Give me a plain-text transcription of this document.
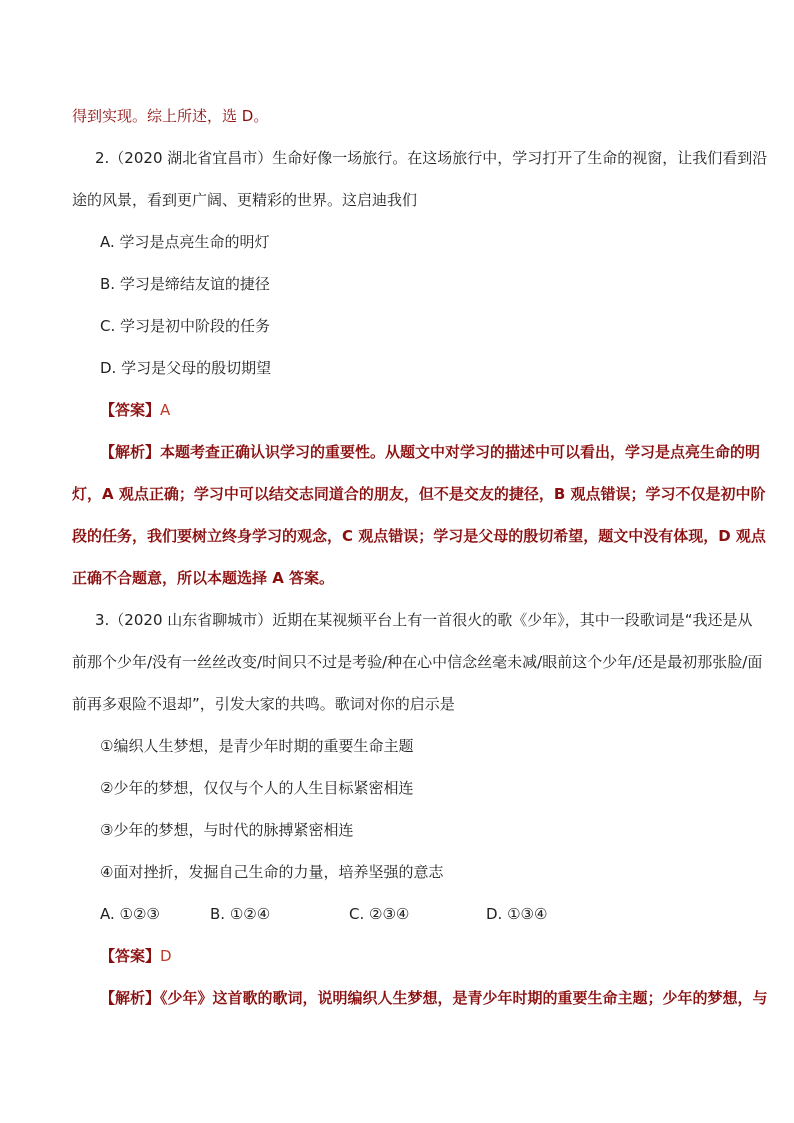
得到实现。综上所述，选 D。
2.（2020 湖北省宜昌市）生命好像一场旅行。在这场旅行中，学习打开了生命的视窗，让我们看到沿
途的风景，看到更广阔、更精彩的世界。这启迪我们
A. 学习是点亮生命的明灯
B. 学习是缔结友谊的捷径
C. 学习是初中阶段的任务
D. 学习是父母的殷切期望
【答案】A
【解析】本题考查正确认识学习的重要性。从题文中对学习的描述中可以看出，学习是点亮生命的明
灯，A 观点正确；学习中可以结交志同道合的朋友，但不是交友的捷径，B 观点错误；学习不仅是初中阶
段的任务，我们要树立终身学习的观念，C 观点错误；学习是父母的殷切希望，题文中没有体现，D 观点
正确不合题意，所以本题选择 A 答案。
3.（2020 山东省聊城市）近期在某视频平台上有一首很火的歌《少年》，其中一段歌词是“我还是从
前那个少年/没有一丝丝改变/时间只不过是考验/种在心中信念丝毫未减/眼前这个少年/还是最初那张脸/面
前再多艰险不退却”，引发大家的共鸣。歌词对你的启示是
①编织人生梦想，是青少年时期的重要生命主题
②少年的梦想，仅仅与个人的人生目标紧密相连
③少年的梦想，与时代的脉搏紧密相连
④面对挫折，发掘自己生命的力量，培养坚强的意志
A. ①②③	B. ①②④	C. ②③④	D. ①③④
【答案】D
【解析】《少年》这首歌的歌词，说明编织人生梦想，是青少年时期的重要生命主题；少年的梦想，与
